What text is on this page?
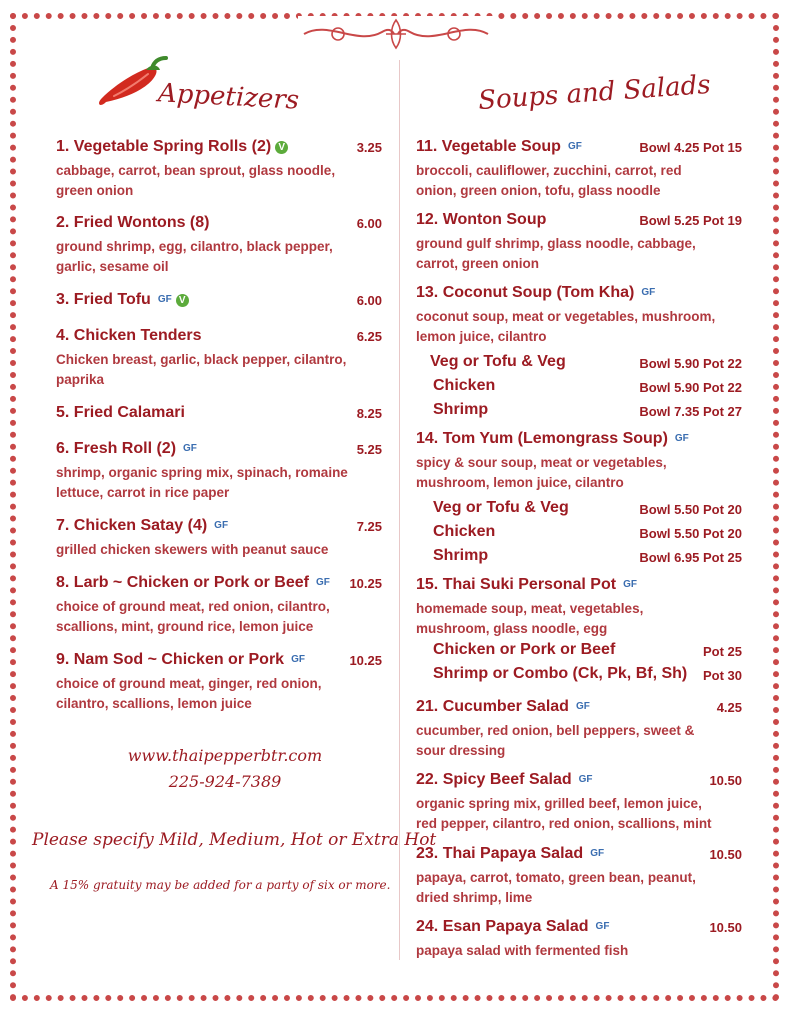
Appetizers	Soups and Salads
1. Vegetable Spring Rolls (2) V	3.25
cabbage, carrot, bean sprout, glass noodle,
green onion
2. Fried Wontons (8)	6.00
ground shrimp, egg, cilantro, black pepper,
garlic, sesame oil
3. Fried Tofu GF V	6.00
4. Chicken Tenders	6.25
Chicken breast, garlic, black pepper, cilantro,
paprika
5. Fried Calamari	8.25
6. Fresh Roll (2) GF	5.25
shrimp, organic spring mix, spinach, romaine
lettuce, carrot in rice paper
7. Chicken Satay (4) GF	7.25
grilled chicken skewers with peanut sauce
8. Larb ~ Chicken or Pork or Beef GF 10.25
choice of ground meat, red onion, cilantro,
scallions, mint, ground rice, lemon juice
9. Nam Sod ~ Chicken or Pork GF	10.25
choice of ground meat, ginger, red onion,
cilantro, scallions, lemon juice
www.thaipepperbtr.com
225-924-7389
Please specify Mild, Medium, Hot or Extra Hot
A 15% gratuity may be added for a party of six or more.
11. Vegetable Soup GF	Bowl 4.25 Pot 15
broccoli, cauliflower, zucchini, carrot, red
onion, green onion, tofu, glass noodle
12. Wonton Soup	Bowl 5.25 Pot 19
ground gulf shrimp, glass noodle, cabbage,
carrot, green onion
13. Coconut Soup (Tom Kha) GF
coconut soup, meat or vegetables, mushroom,
lemon juice, cilantro
Veg or Tofu & Veg	Bowl 5.90 Pot 22
Chicken	Bowl 5.90 Pot 22
Shrimp	Bowl 7.35 Pot 27
14. Tom Yum (Lemongrass Soup) GF
spicy & sour soup, meat or vegetables,
mushroom, lemon juice, cilantro
Veg or Tofu & Veg	Bowl 5.50 Pot 20
Chicken	Bowl 5.50 Pot 20
Shrimp	Bowl 6.95 Pot 25
15. Thai Suki Personal Pot GF
homemade soup, meat, vegetables,
mushroom, glass noodle, egg
Chicken or Pork or Beef	Pot 25
Shrimp or Combo (Ck, Pk, Bf, Sh) Pot 30
21. Cucumber Salad GF	4.25
cucumber, red onion, bell peppers, sweet &
sour dressing
22. Spicy Beef Salad GF	10.50
organic spring mix, grilled beef, lemon juice,
red pepper, cilantro, red onion, scallions, mint
23. Thai Papaya Salad GF	10.50
papaya, carrot, tomato, green bean, peanut,
dried shrimp, lime
24. Esan Papaya Salad GF	10.50
papaya salad with fermented fish
